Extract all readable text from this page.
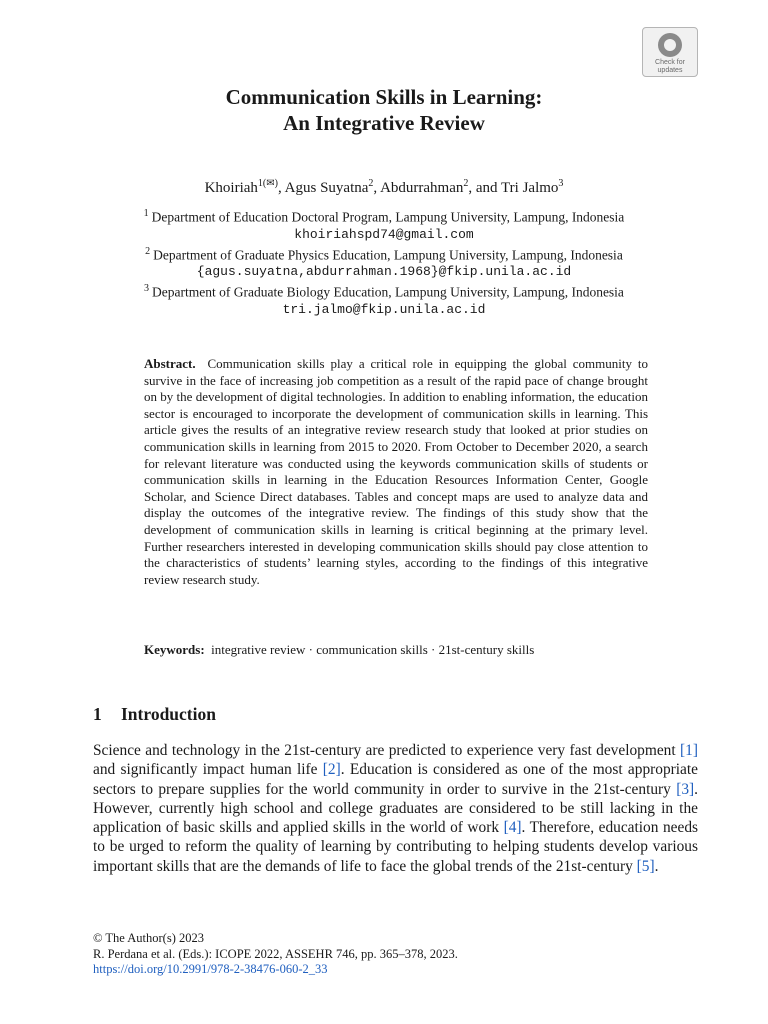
Check for
updates
Communication Skills in Learning:
An Integrative Review
Khoiriah$^{1(✉)}$, Agus Suyatna$^2$, Abdurrahman$^2$, and Tri Jalmo$^3$
$^1$ Department of Education Doctoral Program, Lampung University, Lampung, Indonesia
khoiriahspd74@gmail.com
$^2$ Department of Graduate Physics Education, Lampung University, Lampung, Indonesia
{agus.suyatna,abdurrahman.1968}@fkip.unila.ac.id
$^3$ Department of Graduate Biology Education, Lampung University, Lampung, Indonesia
tri.jalmo@fkip.unila.ac.id
Abstract. Communication skills play a critical role in equipping the global community to survive in the face of increasing job competition as a result of the rapid pace of change brought on by the development of digital technologies. In addition to enabling information, the education sector is encouraged to incorporate the development of communication skills in learning. This article gives the results of an integrative review research study that looked at prior studies on communication skills in learning from 2015 to 2020. From October to December 2020, a search for relevant literature was conducted using the keywords communication skills of students or communication skills in learning in the Education Resources Information Center, Google Scholar, and Science Direct databases. Tables and concept maps are used to analyze data and display the outcomes of the integrative review. The findings of this study show that the development of communication skills in learning is critical beginning at the primary level. Further researchers interested in developing communication skills should pay close attention to the characteristics of students’ learning styles, according to the findings of this integrative review research study.
Keywords: integrative review · communication skills · 21st-century skills
1 Introduction
Science and technology in the 21st-century are predicted to experience very fast development [1] and significantly impact human life [2]. Education is considered as one of the most appropriate sectors to prepare supplies for the world community in order to survive in the 21st-century [3]. However, currently high school and college graduates are considered to be still lacking in the application of basic skills and applied skills in the world of work [4]. Therefore, education needs to be urged to reform the quality of learning by contributing to helping students develop various important skills that are the demands of life to face the global trends of the 21st-century [5].
© The Author(s) 2023
R. Perdana et al. (Eds.): ICOPE 2022, ASSEHR 746, pp. 365–378, 2023.
https://doi.org/10.2991/978-2-38476-060-2_33
